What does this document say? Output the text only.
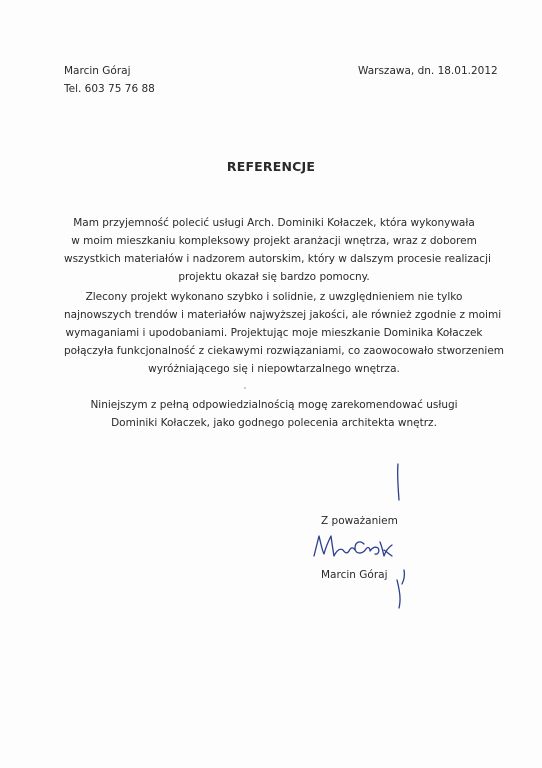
Marcin Góraj
Tel. 603 75 76 88
Warszawa, dn. 18.01.2012
REFERENCJE

Mam przyjemność polecić usługi Arch. Dominiki Kołaczek, która wykonywała
w moim mieszkaniu kompleksowy projekt aranżacji wnętrza, wraz z doborem
wszystkich materiałów i nadzorem autorskim, który w dalszym procesie realizacji
projektu okazał się bardzo pomocny.

Zlecony projekt wykonano szybko i solidnie, z uwzględnieniem nie tylko
najnowszych trendów i materiałów najwyższej jakości, ale również zgodnie z moimi
wymaganiami i upodobaniami. Projektując moje mieszkanie Dominika Kołaczek
połączyła funkcjonalność z ciekawymi rozwiązaniami, co zaowocowało stworzeniem
wyróżniającego się i niepowtarzalnego wnętrza.

Niniejszym z pełną odpowiedzialnością mogę zarekomendować usługi
Dominiki Kołaczek, jako godnego polecenia architekta wnętrz.

Z poważaniem
Marcin Góraj
